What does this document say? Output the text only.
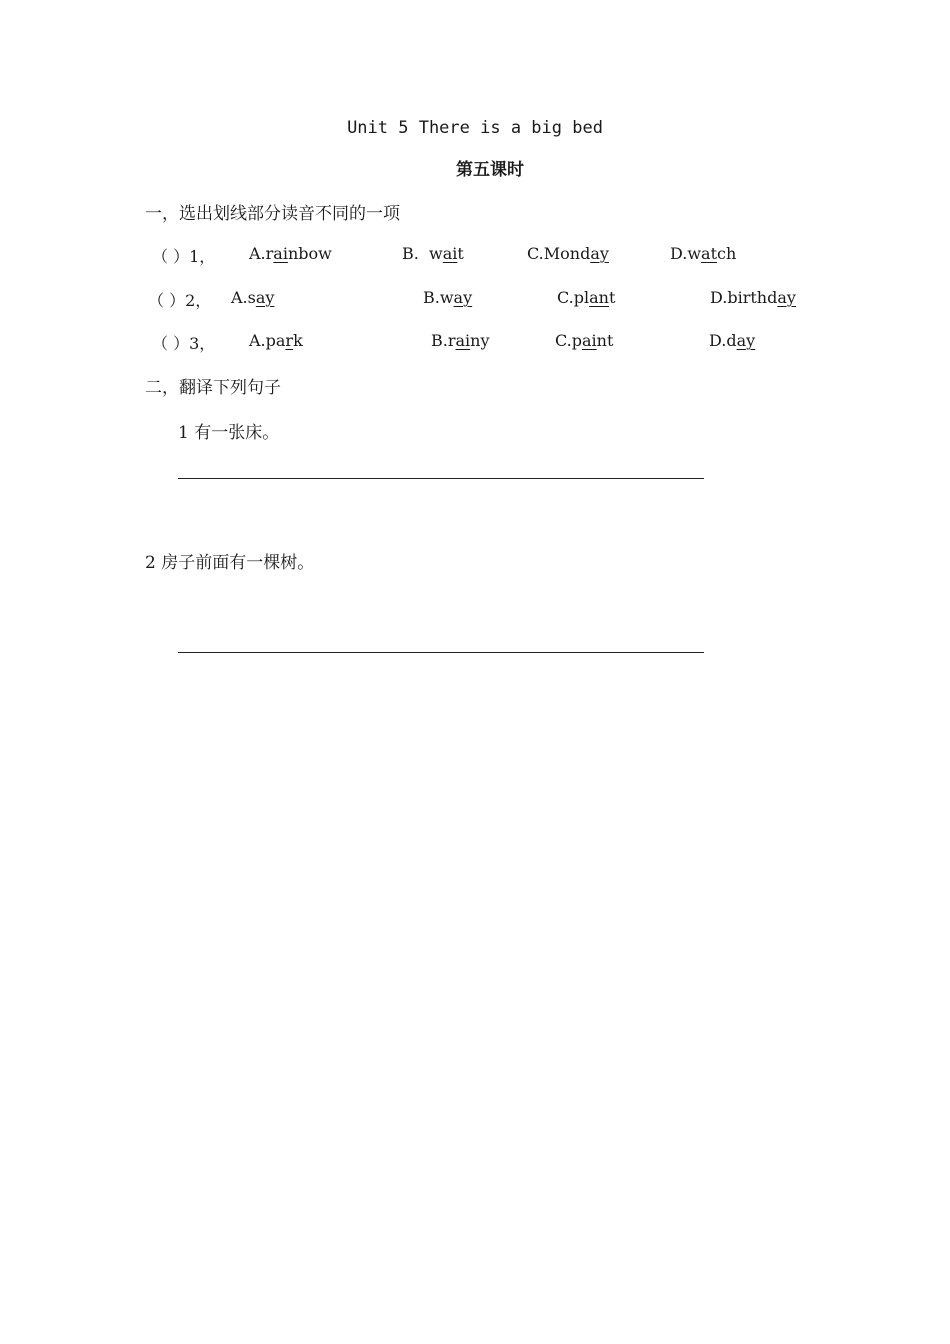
Unit 5 There is a big bed
第五课时
一，选出划线部分读音不同的一项
（ ）1， A.rainbow	B.  wait	C.Monday	D.watch
（ ）2， A.say	B.way	C.plant	D.birthday
（ ）3， A.park	B.rainy	C.paint	D.day
二，翻译下列句子
1 有一张床。
2 房子前面有一棵树。
